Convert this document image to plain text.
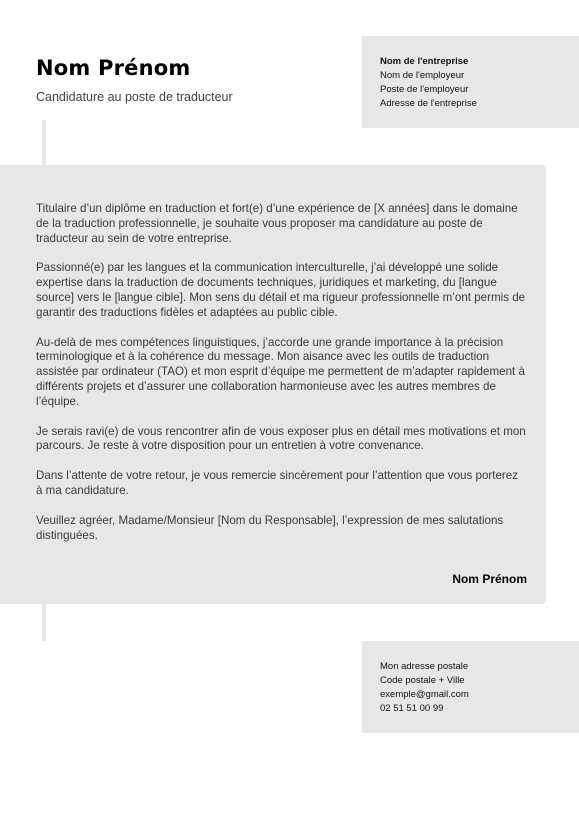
Nom Prénom

Candidature au poste de traducteur

Nom de l'entreprise
Nom de l'employeur
Poste de l'employeur
Adresse de l'entreprise

Titulaire d’un diplôme en traduction et fort(e) d’une expérience de [X années] dans le domaine de la traduction professionnelle, je souhaite vous proposer ma candidature au poste de traducteur au sein de votre entreprise.

Passionné(e) par les langues et la communication interculturelle, j’ai développé une solide expertise dans la traduction de documents techniques, juridiques et marketing, du [langue source] vers le [langue cible]. Mon sens du détail et ma rigueur professionnelle m’ont permis de garantir des traductions fidèles et adaptées au public cible.

Au-delà de mes compétences linguistiques, j’accorde une grande importance à la précision terminologique et à la cohérence du message. Mon aisance avec les outils de traduction assistée par ordinateur (TAO) et mon esprit d’équipe me permettent de m’adapter rapidement à différents projets et d’assurer une collaboration harmonieuse avec les autres membres de l’équipe.

Je serais ravi(e) de vous rencontrer afin de vous exposer plus en détail mes motivations et mon parcours. Je reste à votre disposition pour un entretien à votre convenance.

Dans l’attente de votre retour, je vous remercie sincèrement pour l’attention que vous porterez à ma candidature.

Veuillez agréer, Madame/Monsieur [Nom du Responsable], l’expression de mes salutations distinguées.

Nom Prénom
Mon adresse postale
Code postale + Ville
exemple@gmail.com
02 51 51 00 99
